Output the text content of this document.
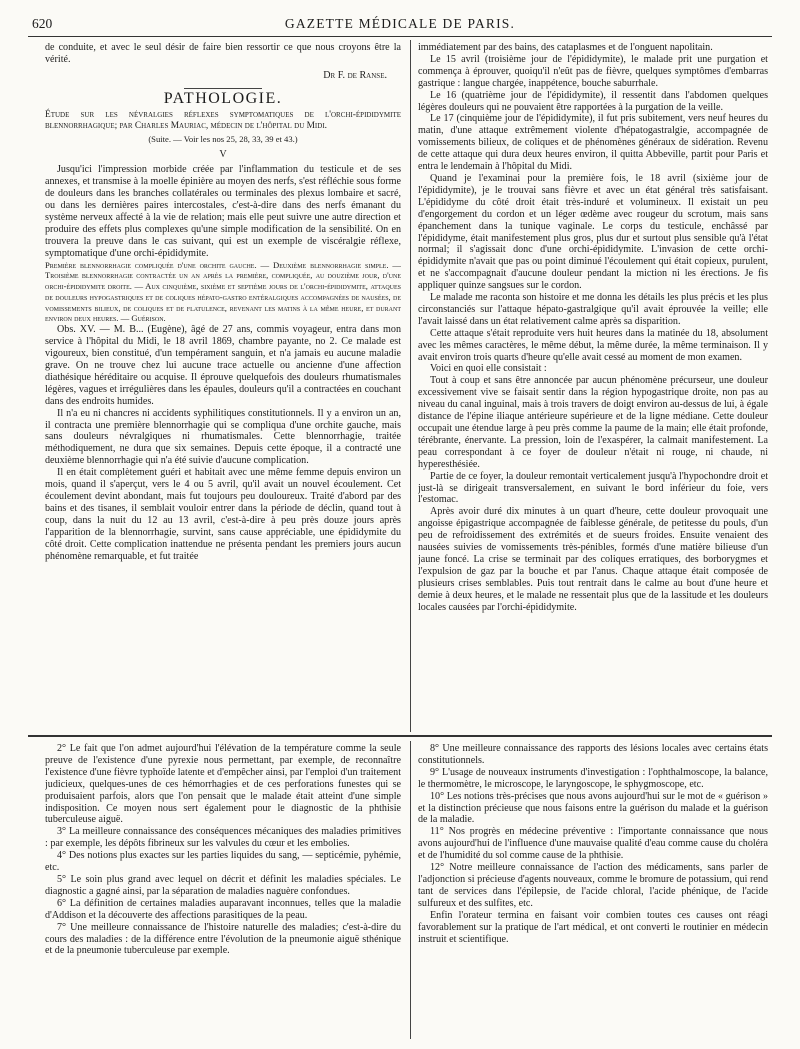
620	GAZETTE MÉDICALE DE PARIS.

de conduite, et avec le seul désir de faire bien ressortir ce que nous croyons être la vérité.

Dr F. de Ranse.
PATHOLOGIE.

Étude sur les névralgies réflexes symptomatiques de l'orchi-épididymite blennorrhagique; par Charles Mauriac, médecin de l'hôpital du Midi.

(Suite. — Voir les nos 25, 28, 33, 39 et 43.)
V

Jusqu'ici l'impression morbide créée par l'inflammation du testicule et de ses annexes, et transmise à la moelle épinière au moyen des nerfs, s'est réfléchie sous forme de douleurs dans les branches collatérales ou terminales des plexus lombaire et sacré, ou dans les dernières paires intercostales, c'est-à-dire dans des nerfs émanant du système nerveux affecté à la vie de relation; mais elle peut suivre une autre direction et produire des effets plus complexes qu'une simple modification de la sensibilité. On en trouvera la preuve dans le cas suivant, qui est un exemple de viscéralgie réflexe, symptomatique d'une orchi-épididymite.

Première blennorrhagie compliquée d'une orchite gauche. — Deuxième blennorrhagie simple. — Troisième blennorrhagie contractée un an après la première, compliquée, au douzième jour, d'une orchi-épididymite droite. — Aux cinquième, sixième et septième jours de l'orchi-épididymite, attaques de douleurs hypogastriques et de coliques hépato-gastro entéralgiques accompagnées de nausées, de vomissements bilieux, de coliques et de flatulence, revenant les matins à la même heure, et durant environ deux heures. — Guérison.

Obs. XV. — M. B... (Eugène), âgé de 27 ans, commis voyageur, entra dans mon service à l'hôpital du Midi, le 18 avril 1869, chambre payante, no 2. Ce malade est vigoureux, bien constitué, d'un tempérament sanguin, et n'a jamais eu aucune maladie grave. On ne trouve chez lui aucune trace actuelle ou ancienne d'une affection diathésique héréditaire ou acquise. Il éprouve quelquefois des douleurs rhumatismales légères, vagues et irrégulières dans les épaules, douleurs qu'il a contractées en couchant dans des endroits humides.

Il n'a eu ni chancres ni accidents syphilitiques constitutionnels. Il y a environ un an, il contracta une première blennorrhagie qui se compliqua d'une orchite gauche, mais sans douleurs névralgiques ni rhumatismales. Cette blennorrhagie, traitée méthodiquement, ne dura que six semaines. Depuis cette époque, il a contracté une deuxième blennorrhagie qui n'a été suivie d'aucune complication.

Il en était complètement guéri et habitait avec une même femme depuis environ un mois, quand il s'aperçut, vers le 4 ou 5 avril, qu'il avait un nouvel écoulement. Cet écoulement devint abondant, mais fut toujours peu douloureux. Traité d'abord par des bains et des tisanes, il semblait vouloir entrer dans la période de déclin, quand tout à coup, dans la nuit du 12 au 13 avril, c'est-à-dire à peu près douze jours après l'apparition de la blennorrhagie, survint, sans cause appréciable, une épididymite du côté droit. Cette complication inattendue ne présenta pendant les premiers jours aucun phénomène remarquable, et fut traitée

immédiatement par des bains, des cataplasmes et de l'onguent napolitain.

Le 15 avril (troisième jour de l'épididymite), le malade prit une purgation et commença à éprouver, quoiqu'il n'eût pas de fièvre, quelques symptômes d'embarras gastrique : langue chargée, inappétence, bouche saburrhale.

Le 16 (quatrième jour de l'épididymite), il ressentit dans l'abdomen quelques légères douleurs qui ne pouvaient être rapportées à la purgation de la veille.

Le 17 (cinquième jour de l'épididymite), il fut pris subitement, vers neuf heures du matin, d'une attaque extrêmement violente d'hépatogastralgie, accompagnée de vomissements bilieux, de coliques et de phénomènes généraux de sidération. Revenu de cette attaque qui dura deux heures environ, il quitta Abbeville, partit pour Paris et entra le lendemain à l'hôpital du Midi.

Quand je l'examinai pour la première fois, le 18 avril (sixième jour de l'épididymite), je le trouvai sans fièvre et avec un état général très satisfaisant. L'épididyme du côté droit était très-induré et volumineux. Il existait un peu d'engorgement du cordon et un léger œdème avec rougeur du scrotum, mais sans épanchement dans la tunique vaginale. Le corps du testicule, enchâssé par l'épididyme, était manifestement plus gros, plus dur et surtout plus sensible qu'à l'état normal; il s'agissait donc d'une orchi-épididymite. L'invasion de cette orchi-épididymite n'avait que pas ou point diminué l'écoulement qui était copieux, purulent, et ne s'accompagnait d'aucune douleur pendant la miction ni les érections. Je fis appliquer quinze sangsues sur le cordon.

Le malade me raconta son histoire et me donna les détails les plus précis et les plus circonstanciés sur l'attaque hépato-gastralgique qu'il avait éprouvée la veille; elle l'avait laissé dans un état relativement calme après sa disparition.

Cette attaque s'était reproduite vers huit heures dans la matinée du 18, absolument avec les mêmes caractères, le même début, la même durée, la même terminaison. Il y avait environ trois quarts d'heure qu'elle avait cessé au moment de mon examen.

Voici en quoi elle consistait :

Tout à coup et sans être annoncée par aucun phénomène précurseur, une douleur excessivement vive se faisait sentir dans la région hypogastrique droite, non pas au niveau du canal inguinal, mais à trois travers de doigt environ au-dessus de lui, à égale distance de l'épine iliaque antérieure supérieure et de la ligne médiane. Cette douleur occupait une étendue large à peu près comme la paume de la main; elle était profonde, térébrante, énervante. La pression, loin de l'exaspérer, la calmait manifestement. La peau correspondant à ce foyer de douleur n'était ni rouge, ni chaude, ni hyperesthésiée.

Partie de ce foyer, la douleur remontait verticalement jusqu'à l'hypochondre droit et just-là se dirigeait transversalement, en suivant le bord inférieur du foie, vers l'estomac.

Après avoir duré dix minutes à un quart d'heure, cette douleur provoquait une angoisse épigastrique accompagnée de faiblesse générale, de petitesse du pouls, d'un peu de refroidissement des extrémités et de sueurs froides. Ensuite venaient des nausées suivies de vomissements très-pénibles, formés d'une matière bilieuse d'un jaune foncé. La crise se terminait par des coliques erratiques, des borborygmes et l'expulsion de gaz par la bouche et par l'anus. Chaque attaque était composée de plusieurs crises semblables. Puis tout rentrait dans le calme au bout d'une heure et demie à deux heures, et le malade ne ressentait plus que de la lassitude et les douleurs locales causées par l'orchi-épididymite.

2° Le fait que l'on admet aujourd'hui l'élévation de la température comme la seule preuve de l'existence d'une pyrexie nous permettant, par exemple, de reconnaître l'existence d'une fièvre typhoïde latente et d'empêcher ainsi, par l'emploi d'un traitement judicieux, quelques-unes de ces hémorrhagies et de ces perforations funestes qui se produisaient parfois, alors que l'on pensait que le malade était atteint d'une simple indisposition. Ce moyen nous sert également pour le diagnostic de la phthisie tuberculeuse aiguë.

3° La meilleure connaissance des conséquences mécaniques des maladies primitives : par exemple, les dépôts fibrineux sur les valvules du cœur et les embolies.

4° Des notions plus exactes sur les parties liquides du sang, — septicémie, pyhémie, etc.

5° Le soin plus grand avec lequel on décrit et définit les maladies spéciales. Le diagnostic a gagné ainsi, par la séparation de maladies naguère confondues.

6° La définition de certaines maladies auparavant inconnues, telles que la maladie d'Addison et la découverte des affections parasitiques de la peau.

7° Une meilleure connaissance de l'histoire naturelle des maladies; c'est-à-dire du cours des maladies : de la différence entre l'évolution de la pneumonie aiguë sthénique et de la pneumonie tuberculeuse par exemple.

8° Une meilleure connaissance des rapports des lésions locales avec certains états constitutionnels.

9° L'usage de nouveaux instruments d'investigation : l'ophthalmoscope, la balance, le thermomètre, le microscope, le laryngoscope, le sphygmoscope, etc.

10° Les notions très-précises que nous avons aujourd'hui sur le mot de « guérison » et la distinction précieuse que nous faisons entre la guérison du malade et la guérison de la maladie.

11° Nos progrès en médecine préventive : l'importante connaissance que nous avons aujourd'hui de l'influence d'une mauvaise qualité d'eau comme cause du choléra et de l'humidité du sol comme cause de la phthisie.

12° Notre meilleure connaissance de l'action des médicaments, sans parler de l'adjonction si précieuse d'agents nouveaux, comme le bromure de potassium, qui rend tant de services dans l'épilepsie, de l'acide chloral, l'acide phénique, de l'acide sulfureux et des sulfites, etc.

Enfin l'orateur termina en faisant voir combien toutes ces causes ont réagi favorablement sur la pratique de l'art médical, et ont converti le routinier en médecin instruit et scientifique.
